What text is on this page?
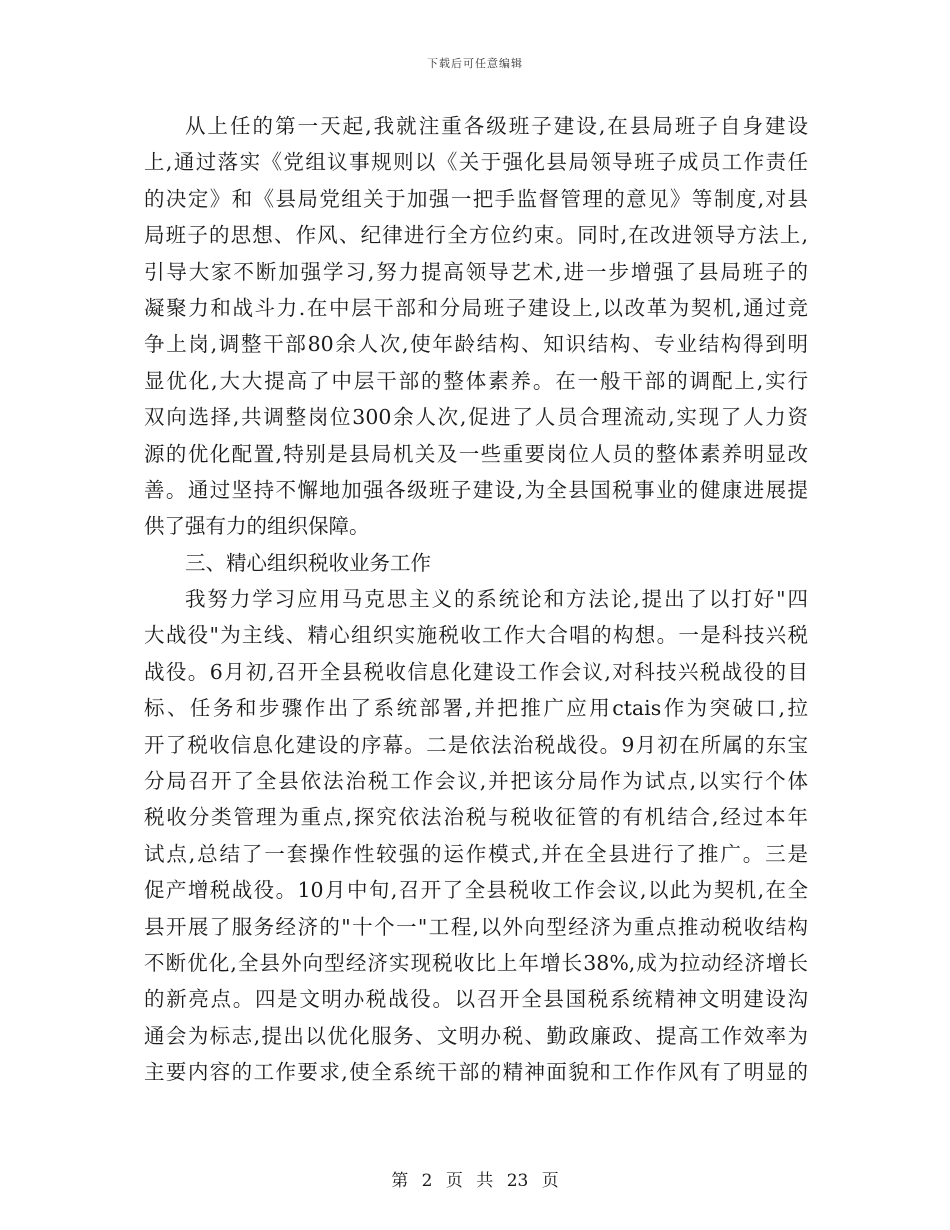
下载后可任意编辑
从上任的第一天起,我就注重各级班子建设,在县局班子自身建设
上,通过落实《党组议事规则以《关于强化县局领导班子成员工作责任
的决定》和《县局党组关于加强一把手监督管理的意见》等制度,对县
局班子的思想、作风、纪律进行全方位约束。同时,在改进领导方法上,
引导大家不断加强学习,努力提高领导艺术,进一步增强了县局班子的
凝聚力和战斗力.在中层干部和分局班子建设上,以改革为契机,通过竞
争上岗,调整干部80余人次,使年龄结构、知识结构、专业结构得到明
显优化,大大提高了中层干部的整体素养。在一般干部的调配上,实行
双向选择,共调整岗位300余人次,促进了人员合理流动,实现了人力资
源的优化配置,特别是县局机关及一些重要岗位人员的整体素养明显改
善。通过坚持不懈地加强各级班子建设,为全县国税事业的健康进展提
供了强有力的组织保障。
三、精心组织税收业务工作
我努力学习应用马克思主义的系统论和方法论,提出了以打好"四
大战役"为主线、精心组织实施税收工作大合唱的构想。一是科技兴税
战役。6月初,召开全县税收信息化建设工作会议,对科技兴税战役的目
标、任务和步骤作出了系统部署,并把推广应用ctais作为突破口,拉
开了税收信息化建设的序幕。二是依法治税战役。9月初在所属的东宝
分局召开了全县依法治税工作会议,并把该分局作为试点,以实行个体
税收分类管理为重点,探究依法治税与税收征管的有机结合,经过本年
试点,总结了一套操作性较强的运作模式,并在全县进行了推广。三是
促产增税战役。10月中旬,召开了全县税收工作会议,以此为契机,在全
县开展了服务经济的"十个一"工程,以外向型经济为重点推动税收结构
不断优化,全县外向型经济实现税收比上年增长38%,成为拉动经济增长
的新亮点。四是文明办税战役。以召开全县国税系统精神文明建设沟
通会为标志,提出以优化服务、文明办税、勤政廉政、提高工作效率为
主要内容的工作要求,使全系统干部的精神面貌和工作作风有了明显的
第 2 页 共 23 页
